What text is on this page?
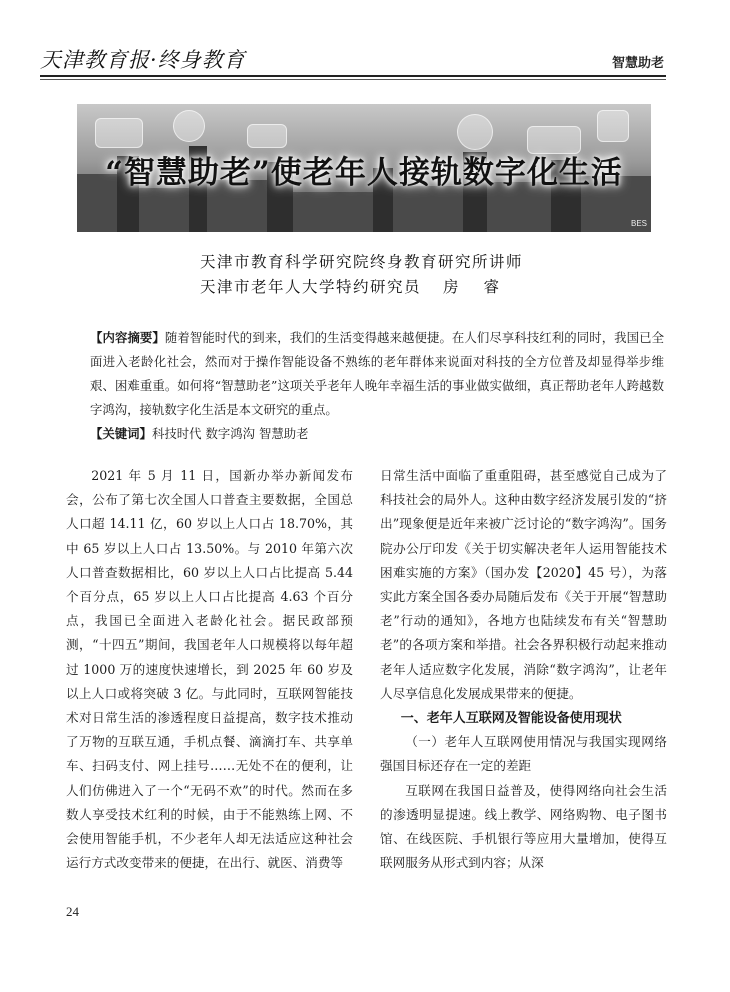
天津教育报·终身教育	智慧助老
“智慧助老”使老年人接轨数字化生活
BES
天津市教育科学研究院终身教育研究所讲师
天津市老年人大学特约研究员 房 睿
【内容摘要】随着智能时代的到来，我们的生活变得越来越便捷。在人们尽享科技红利的同时，我国已全面进入老龄化社会，然而对于操作智能设备不熟练的老年群体来说面对科技的全方位普及却显得举步维艰、困难重重。如何将“智慧助老”这项关乎老年人晚年幸福生活的事业做实做细，真正帮助老年人跨越数字鸿沟，接轨数字化生活是本文研究的重点。
【关键词】科技时代 数字鸿沟 智慧助老

2021 年 5 月 11 日，国新办举办新闻发布会，公布了第七次全国人口普查主要数据，全国总人口超 14.11 亿，60 岁以上人口占 18.70%，其中 65 岁以上人口占 13.50%。与 2010 年第六次人口普查数据相比，60 岁以上人口占比提高 5.44 个百分点，65 岁以上人口占比提高 4.63 个百分点，我国已全面进入老龄化社会。据民政部预测，“十四五”期间，我国老年人口规模将以每年超过 1000 万的速度快速增长，到 2025 年 60 岁及以上人口或将突破 3 亿。与此同时，互联网智能技术对日常生活的渗透程度日益提高，数字技术推动了万物的互联互通，手机点餐、滴滴打车、共享单车、扫码支付、网上挂号……无处不在的便利，让人们仿佛进入了一个“无码不欢”的时代。然而在多数人享受技术红利的时候，由于不能熟练上网、不会使用智能手机，不少老年人却无法适应这种社会运行方式改变带来的便捷，在出行、就医、消费等

日常生活中面临了重重阻碍，甚至感觉自己成为了科技社会的局外人。这种由数字经济发展引发的“挤出”现象便是近年来被广泛讨论的“数字鸿沟”。国务院办公厅印发《关于切实解决老年人运用智能技术困难实施的方案》（国办发【2020】45 号），为落实此方案全国各委办局随后发布《关于开展“智慧助老”行动的通知》，各地方也陆续发布有关“智慧助老”的各项方案和举措。社会各界积极行动起来推动老年人适应数字化发展，消除“数字鸿沟”，让老年人尽享信息化发展成果带来的便捷。

一、老年人互联网及智能设备使用现状

（一）老年人互联网使用情况与我国实现网络强国目标还存在一定的差距

互联网在我国日益普及，使得网络向社会生活的渗透明显提速。线上教学、网络购物、电子图书馆、在线医院、手机银行等应用大量增加，使得互联网服务从形式到内容；从深

24
